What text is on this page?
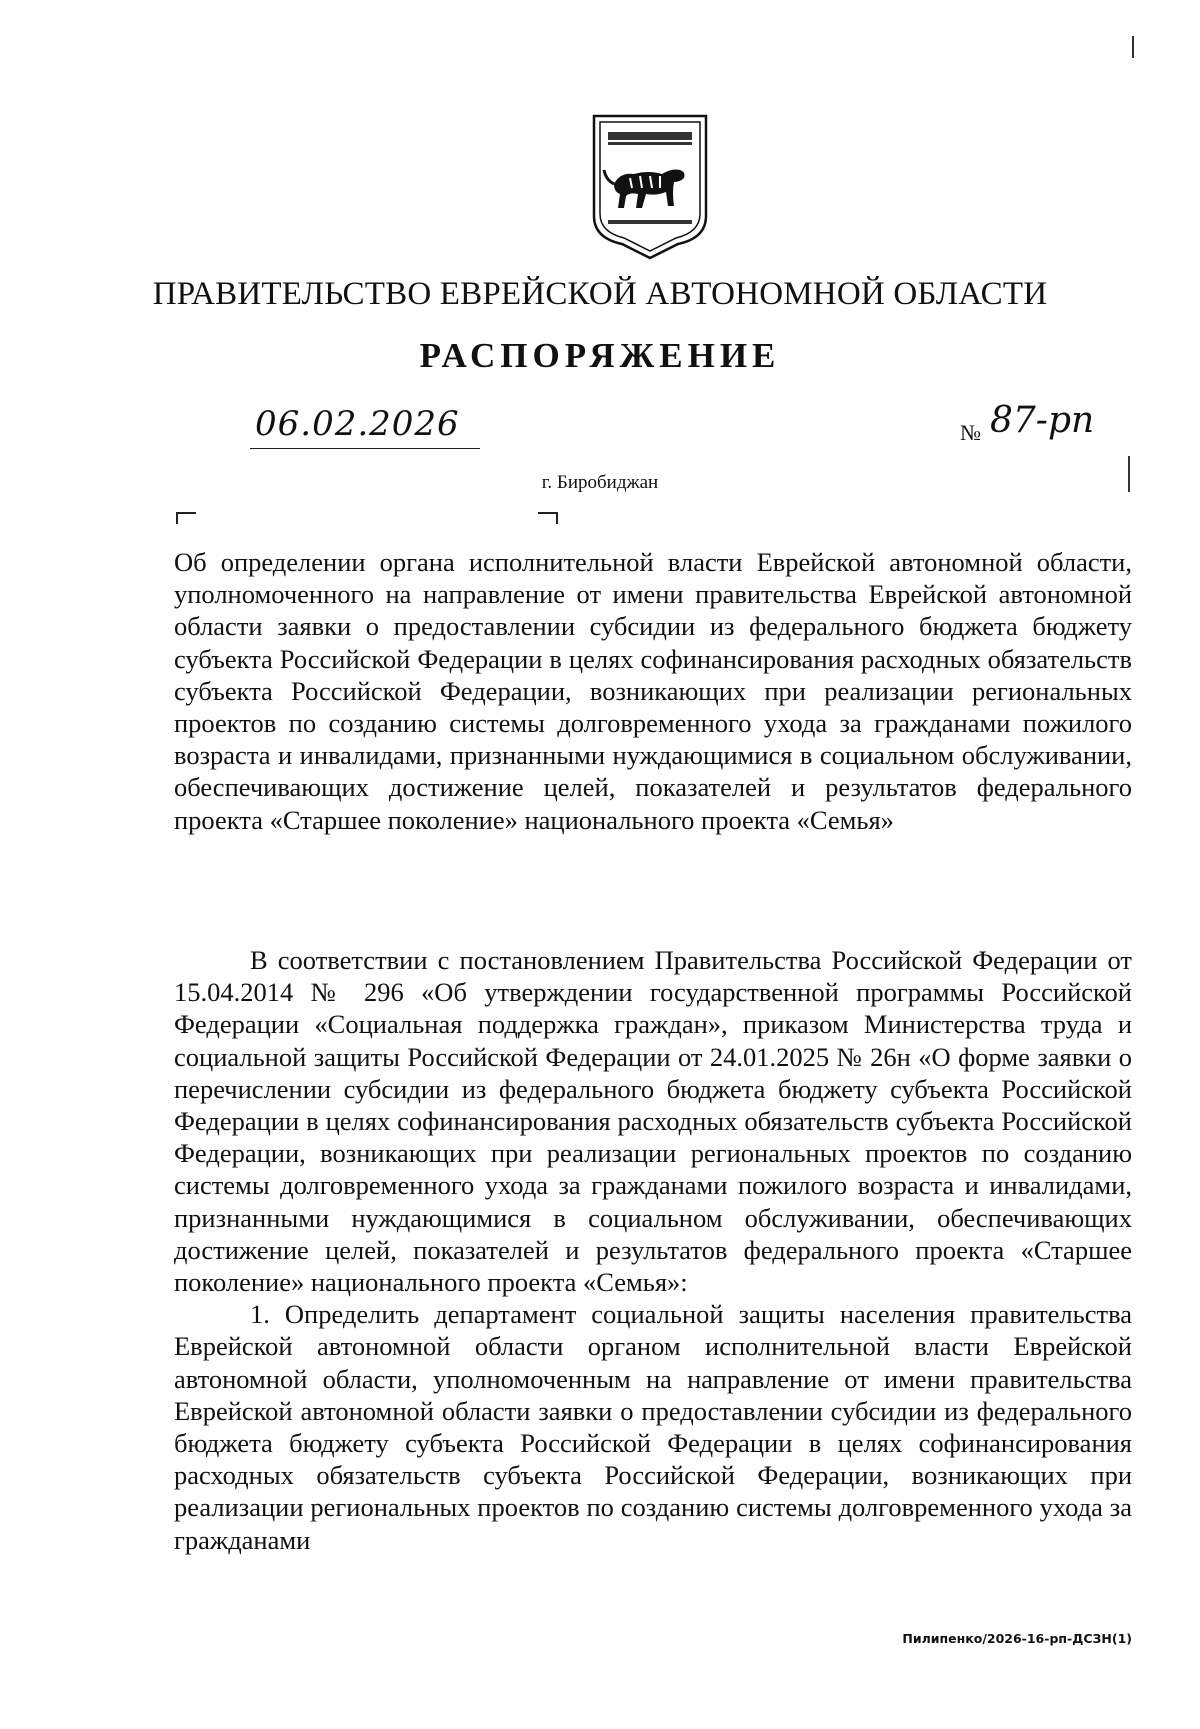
ПРАВИТЕЛЬСТВО ЕВРЕЙСКОЙ АВТОНОМНОЙ ОБЛАСТИ
РАСПОРЯЖЕНИЕ
06.02.2026	№ 87-рп
г. Биробиджан
Об определении органа исполнительной власти Еврейской автономной области, уполномоченного на направление от имени правительства Еврейской автономной области заявки о предоставлении субсидии из федерального бюджета бюджету субъекта Российской Федерации в целях софинансирования расходных обязательств субъекта Российской Федерации, возникающих при реализации региональных проектов по созданию системы долговременного ухода за гражданами пожилого возраста и инвалидами, признанными нуждающимися в социальном обслуживании, обеспечивающих достижение целей, показателей и результатов федерального проекта «Старшее поколение» национального проекта «Семья»

В соответствии с постановлением Правительства Российской Федерации от 15.04.2014 № 296 «Об утверждении государственной программы Российской Федерации «Социальная поддержка граждан», приказом Министерства труда и социальной защиты Российской Федерации от 24.01.2025 № 26н «О форме заявки о перечислении субсидии из федерального бюджета бюджету субъекта Российской Федерации в целях софинансирования расходных обязательств субъекта Российской Федерации, возникающих при реализации региональных проектов по созданию системы долговременного ухода за гражданами пожилого возраста и инвалидами, признанными нуждающимися в социальном обслуживании, обеспечивающих достижение целей, показателей и результатов федерального проекта «Старшее поколение» национального проекта «Семья»:

1. Определить департамент социальной защиты населения правительства Еврейской автономной области органом исполнительной власти Еврейской автономной области, уполномоченным на направление от имени правительства Еврейской автономной области заявки о предоставлении субсидии из федерального бюджета бюджету субъекта Российской Федерации в целях софинансирования расходных обязательств субъекта Российской Федерации, возникающих при реализации региональных проектов по созданию системы долговременного ухода за гражданами

Пилипенко/2026-16-рп-ДСЗН(1)
